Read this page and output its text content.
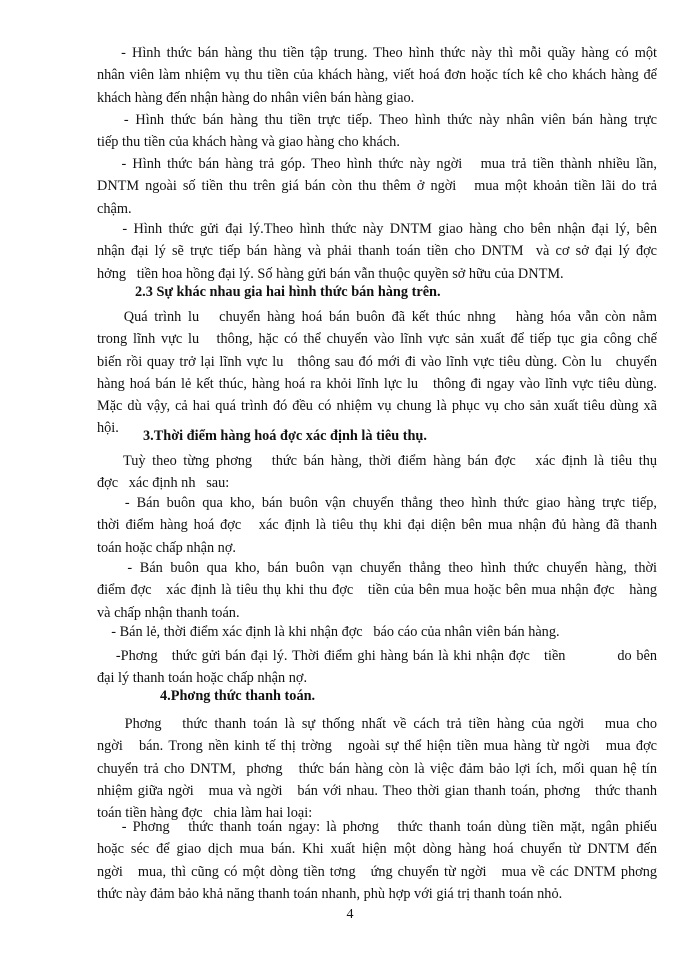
- Hình thức bán hàng thu tiền tập trung. Theo hình thức này thì mỗi quầy hàng có một
nhân viên làm nhiệm vụ thu tiền của khách hàng, viết hoá đơn hoặc tích kê cho khách hàng để
khách hàng đến nhận hàng do nhân viên bán hàng giao.
- Hình thức bán hàng thu tiền trực tiếp. Theo hình thức này nhân viên bán hàng trực
tiếp thu tiền của khách hàng và giao hàng cho khách.
- Hình thức bán hàng trả góp. Theo hình thức này ngời   mua trả tiền thành nhiều lần,
DNTM ngoài số tiền thu trên giá bán còn thu thêm ở ngời   mua một khoản tiền lãi do trả
chậm.
- Hình thức gửi đại lý.Theo hình thức này DNTM giao hàng cho bên nhận đại lý, bên
nhận đại lý sẽ trực tiếp bán hàng và phải thanh toán tiền cho DNTM  và cơ sở đại lý đợc
hởng   tiền hoa hồng đại lý. Số hàng gửi bán vẫn thuộc quyền sở hữu của DNTM.
2.3 Sự khác nhau gia hai hình thức bán hàng trên.
Quá trình lu   chuyển hàng hoá bán buôn đã kết thúc nhng   hàng hóa vẫn còn nằm
trong lĩnh vực lu   thông, hặc có thể chuyển vào lĩnh vực sản xuất để tiếp tục gia công chế
biến rồi quay trở lại lĩnh vực lu   thông sau đó mới đi vào lĩnh vực tiêu dùng. Còn lu   chuyển
hàng hoá bán lẻ kết thúc, hàng hoá ra khỏi lĩnh lực lu   thông đi ngay vào lĩnh vực tiêu dùng.
Mặc dù vậy, cả hai quá trình đó đều có nhiệm vụ chung là phục vụ cho sản xuất tiêu dùng xã
hội.	3.Thời điểm hàng hoá đợc xác định là tiêu thụ.
Tuỳ theo từng phơng   thức bán hàng, thời điểm hàng bán đợc   xác định là tiêu thụ
đợc   xác định nh   sau:
- Bán buôn qua kho, bán buôn vận chuyển thẳng theo hình thức giao hàng trực tiếp,
thời điểm hàng hoá đợc   xác định là tiêu thụ khi đại diện bên mua nhận đủ hàng đã thanh
toán hoặc chấp nhận nợ.
- Bán buôn qua kho, bán buôn vạn chuyển thẳng theo hình thức chuyển hàng, thời
điểm đợc   xác định là tiêu thụ khi thu đợc   tiền của bên mua hoặc bên mua nhận đợc   hàng
và chấp nhận thanh toán.
- Bán lẻ, thời điểm xác định là khi nhận đợc   báo cáo của nhân viên bán hàng.
-Phơng   thức gửi bán đại lý. Thời điểm ghi hàng bán là khi nhận đợc   tiền           do bên
đại lý thanh toán hoặc chấp nhận nợ.
4.Phơng thức thanh toán.
Phơng   thức thanh toán là sự thống nhất về cách trả tiền hàng của ngời   mua cho
ngời   bán. Trong nền kinh tế thị trờng   ngoài sự thể hiện tiền mua hàng từ ngời   mua đợc
chuyển trả cho DNTM,  phơng   thức bán hàng còn là việc đảm bảo lợi ích, mối quan hệ tín
nhiệm giữa ngời   mua và ngời   bán với nhau. Theo thời gian thanh toán, phơng   thức thanh
toán tiền hàng đợc   chia làm hai loại:
- Phơng   thức thanh toán ngay: là phơng   thức thanh toán dùng tiền mặt, ngân phiếu
hoặc séc để giao dịch mua bán. Khi xuất hiện một dòng hàng hoá chuyển từ DNTM đến
ngời   mua, thì cũng có một dòng tiền tơng   ứng chuyển từ ngời   mua về các DNTM phơng
thức này đảm bảo khả năng thanh toán nhanh, phù hợp với giá trị thanh toán nhỏ.
4
